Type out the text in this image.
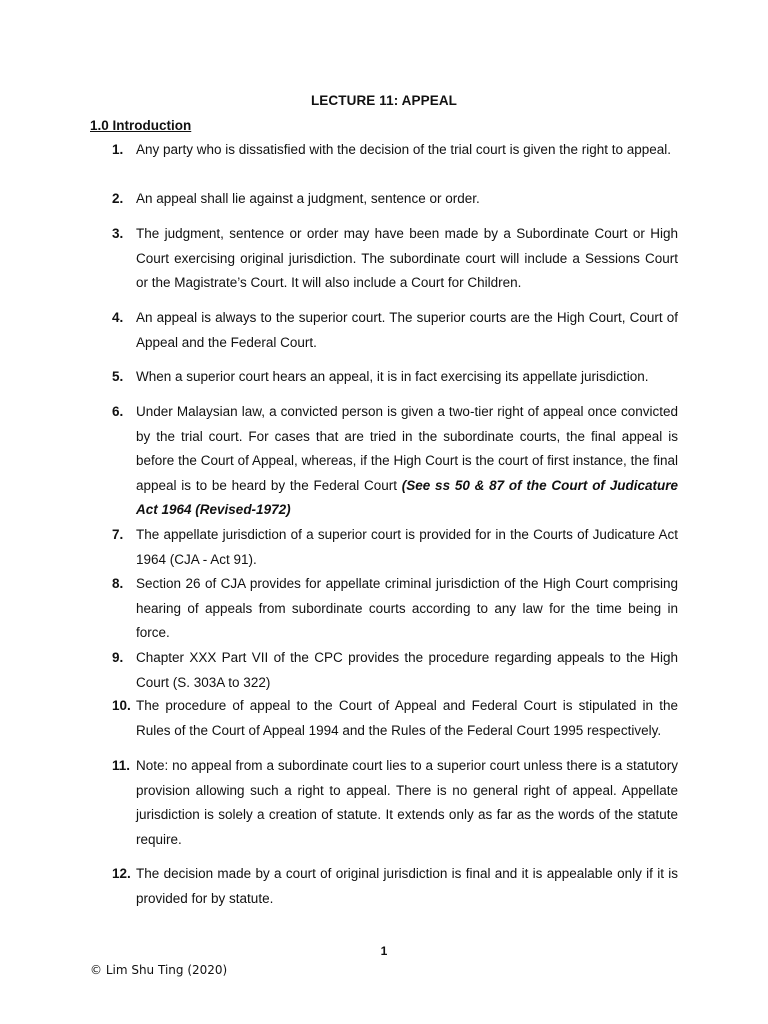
LECTURE 11: APPEAL
1.0 Introduction
1. Any party who is dissatisfied with the decision of the trial court is given the right to appeal.
2. An appeal shall lie against a judgment, sentence or order.
3. The judgment, sentence or order may have been made by a Subordinate Court or High Court exercising original jurisdiction. The subordinate court will include a Sessions Court or the Magistrate’s Court. It will also include a Court for Children.
4. An appeal is always to the superior court. The superior courts are the High Court, Court of Appeal and the Federal Court.
5. When a superior court hears an appeal, it is in fact exercising its appellate jurisdiction.
6. Under Malaysian law, a convicted person is given a two-tier right of appeal once convicted by the trial court. For cases that are tried in the subordinate courts, the final appeal is before the Court of Appeal, whereas, if the High Court is the court of first instance, the final appeal is to be heard by the Federal Court (See ss 50 & 87 of the Court of Judicature Act 1964 (Revised-1972)
7. The appellate jurisdiction of a superior court is provided for in the Courts of Judicature Act 1964 (CJA - Act 91).
8. Section 26 of CJA provides for appellate criminal jurisdiction of the High Court comprising hearing of appeals from subordinate courts according to any law for the time being in force.
9. Chapter XXX Part VII of the CPC provides the procedure regarding appeals to the High Court (S. 303A to 322)
10. The procedure of appeal to the Court of Appeal and Federal Court is stipulated in the Rules of the Court of Appeal 1994 and the Rules of the Federal Court 1995 respectively.
11. Note: no appeal from a subordinate court lies to a superior court unless there is a statutory provision allowing such a right to appeal. There is no general right of appeal. Appellate jurisdiction is solely a creation of statute. It extends only as far as the words of the statute require.
12. The decision made by a court of original jurisdiction is final and it is appealable only if it is provided for by statute.
1
© Lim Shu Ting (2020)
